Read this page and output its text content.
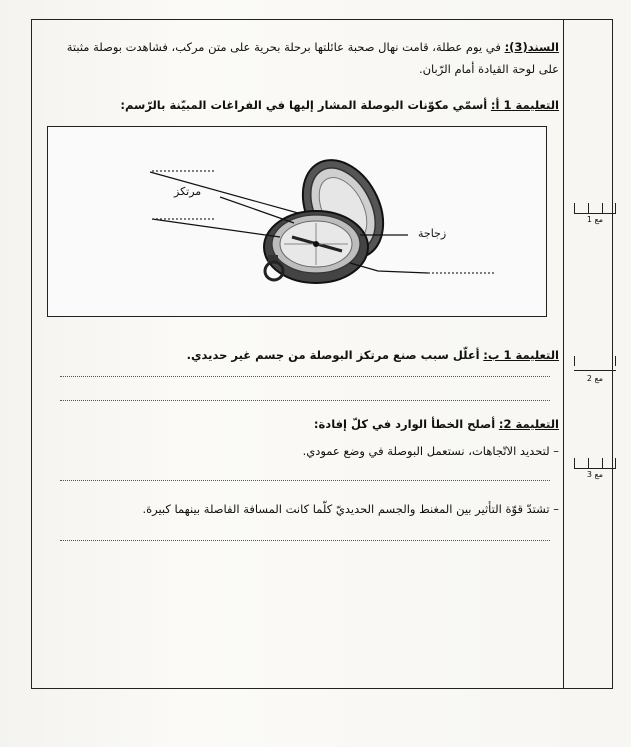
السند(3): في يوم عطلة، قامت نهال صحبة عائلتها برحلة بحرية على متن مركب، فشاهدت بوصلة مثبتة
على لوحة القيادة أمام الرّبان.
التعليمة 1 أ: أسمّي مكوّنات البوصلة المشار إليها في الفراغات المبيّنة بالرّسم:
مرتكز
زجاجة
التعليمة 1 ب: أعلّل سبب صنع مرتكز البوصلة من جسم غير حديدي.
التعليمة 2: أصلح الخطأ الوارد في كلّ إفادة:
– لتحديد الاتّجاهات، نستعمل البوصلة في وضع عمودي.
– تشتدّ قوّة التأثير بين المغنط والجسم الحديديّ كلّما كانت المسافة الفاصلة بينهما كبيرة.
مع 1
مع 2
مع 3
